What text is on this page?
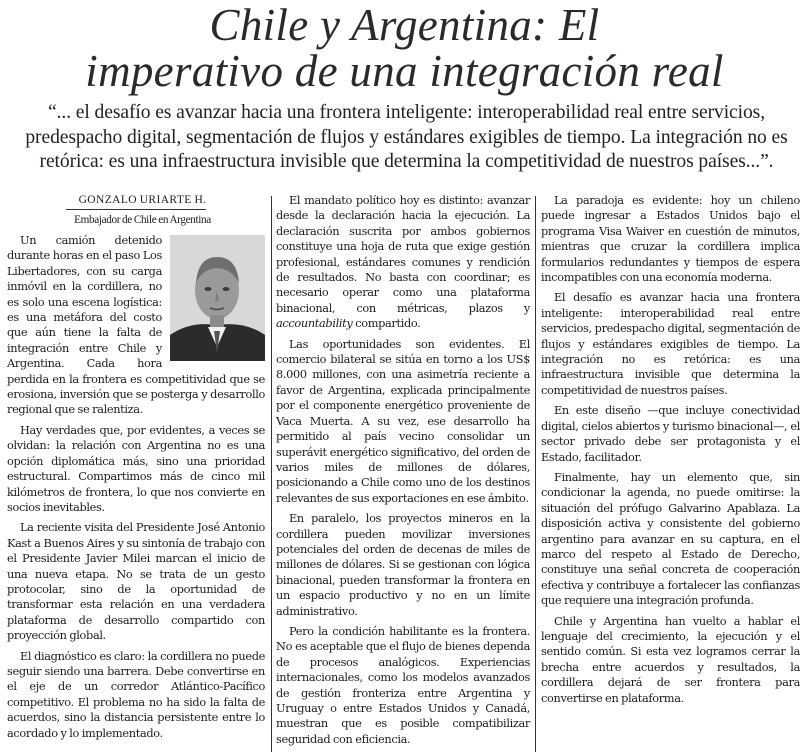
Chile y Argentina: El
imperativo de una integración real

“... el desafío es avanzar hacia una frontera inteligente: interoperabilidad real entre servicios, predespacho digital, segmentación de flujos y estándares exigibles de tiempo. La integración no es retórica: es una infraestructura invisible que determina la competitividad de nuestros países...”.

GONZALO URIARTE H.

Embajador de Chile en Argentina

Un camión detenido durante horas en el paso Los Libertadores, con su carga inmóvil en la cordillera, no es solo una escena logística: es una metáfora del costo que aún tiene la falta de integración entre Chile y Argentina. Cada hora perdida en la frontera es competitividad que se erosiona, inversión que se posterga y desarrollo regional que se ralentiza.

Hay verdades que, por evidentes, a veces se olvidan: la relación con Argentina no es una opción diplomática más, sino una prioridad estructural. Compartimos más de cinco mil kilómetros de frontera, lo que nos convierte en socios inevitables.

La reciente visita del Presidente José Antonio Kast a Buenos Aires y su sintonía de trabajo con el Presidente Javier Milei marcan el inicio de una nueva etapa. No se trata de un gesto protocolar, sino de la oportunidad de transformar esta relación en una verdadera plataforma de desarrollo compartido con proyección global.

El diagnóstico es claro: la cordillera no puede seguir siendo una barrera. Debe convertirse en el eje de un corredor Atlántico-Pacífico competitivo. El problema no ha sido la falta de acuerdos, sino la distancia persistente entre lo acordado y lo implementado.

El mandato político hoy es distinto: avanzar desde la declaración hacia la ejecución. La declaración suscrita por ambos gobiernos constituye una hoja de ruta que exige gestión profesional, estándares comunes y rendición de resultados. No basta con coordinar; es necesario operar como una plataforma binacional, con métricas, plazos y accountability compartido.

Las oportunidades son evidentes. El comercio bilateral se sitúa en torno a los US$ 8.000 millones, con una asimetría reciente a favor de Argentina, explicada principalmente por el componente energético proveniente de Vaca Muerta. A su vez, ese desarrollo ha permitido al país vecino consolidar un superávit energético significativo, del orden de varios miles de millones de dólares, posicionando a Chile como uno de los destinos relevantes de sus exportaciones en ese ámbito.

En paralelo, los proyectos mineros en la cordillera pueden movilizar inversiones potenciales del orden de decenas de miles de millones de dólares. Si se gestionan con lógica binacional, pueden transformar la frontera en un espacio productivo y no en un límite administrativo.

Pero la condición habilitante es la frontera. No es aceptable que el flujo de bienes dependa de procesos analógicos. Experiencias internacionales, como los modelos avanzados de gestión fronteriza entre Argentina y Uruguay o entre Estados Unidos y Canadá, muestran que es posible compatibilizar seguridad con eficiencia.

La paradoja es evidente: hoy un chileno puede ingresar a Estados Unidos bajo el programa Visa Waiver en cuestión de minutos, mientras que cruzar la cordillera implica formularios redundantes y tiempos de espera incompatibles con una economía moderna.

El desafío es avanzar hacia una frontera inteligente: interoperabilidad real entre servicios, predespacho digital, segmentación de flujos y estándares exigibles de tiempo. La integración no es retórica: es una infraestructura invisible que determina la competitividad de nuestros países.

En este diseño —que incluye conectividad digital, cielos abiertos y turismo binacional—, el sector privado debe ser protagonista y el Estado, facilitador.

Finalmente, hay un elemento que, sin condicionar la agenda, no puede omitirse: la situación del prófugo Galvarino Apablaza. La disposición activa y consistente del gobierno argentino para avanzar en su captura, en el marco del respeto al Estado de Derecho, constituye una señal concreta de cooperación efectiva y contribuye a fortalecer las confianzas que requiere una integración profunda.

Chile y Argentina han vuelto a hablar el lenguaje del crecimiento, la ejecución y el sentido común. Si esta vez logramos cerrar la brecha entre acuerdos y resultados, la cordillera dejará de ser frontera para convertirse en plataforma.
